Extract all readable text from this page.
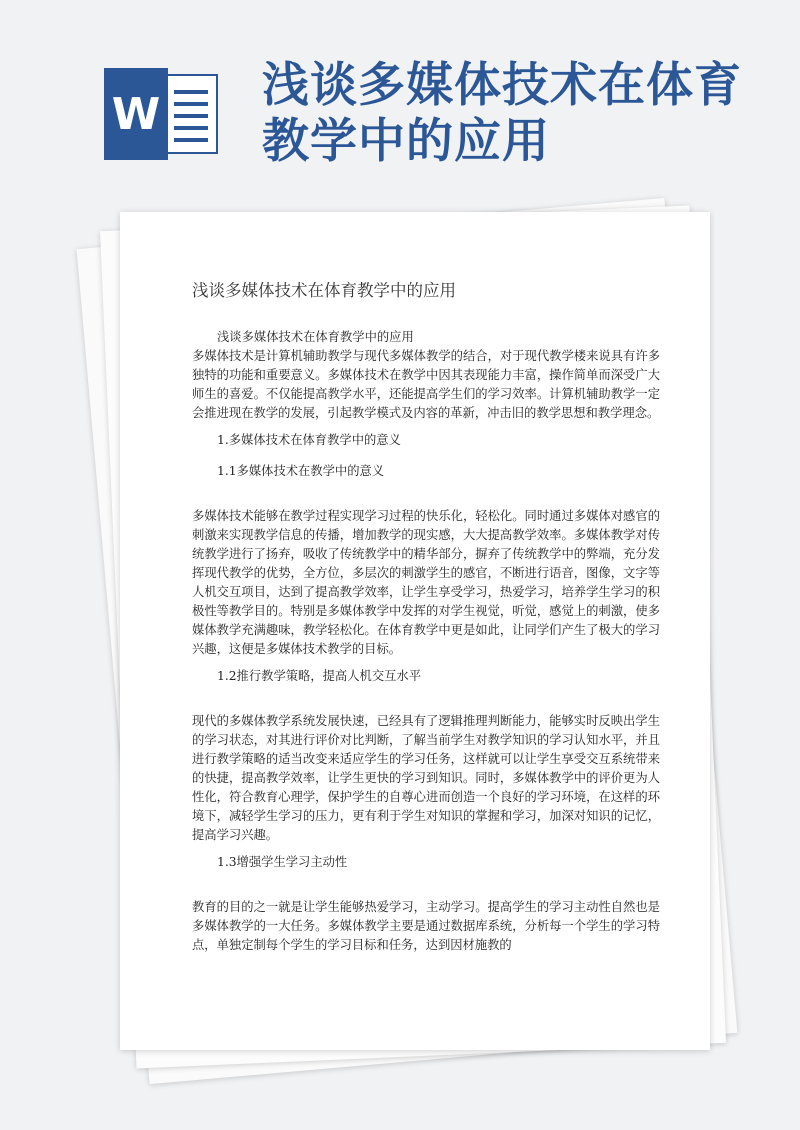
W
浅谈多媒体技术在体育教学中的应用
浅谈多媒体技术在体育教学中的应用

浅谈多媒体技术在体育教学中的应用

多媒体技术是计算机辅助教学与现代多媒体教学的结合，对于现代教学楼来说具有许多独特的功能和重要意义。多媒体技术在教学中因其表现能力丰富，操作简单而深受广大师生的喜爱。不仅能提高教学水平，还能提高学生们的学习效率。计算机辅助教学一定会推进现在教学的发展，引起教学模式及内容的革新，冲击旧的教学思想和教学理念。

1.多媒体技术在体育教学中的意义

1.1多媒体技术在教学中的意义

多媒体技术能够在教学过程实现学习过程的快乐化，轻松化。同时通过多媒体对感官的刺激来实现教学信息的传播，增加教学的现实感，大大提高教学效率。多媒体教学对传统教学进行了扬弃，吸收了传统教学中的精华部分，摒弃了传统教学中的弊端，充分发挥现代教学的优势，全方位，多层次的刺激学生的感官，不断进行语音，图像，文字等人机交互项目，达到了提高教学效率，让学生享受学习，热爱学习，培养学生学习的积极性等教学目的。特别是多媒体教学中发挥的对学生视觉，听觉，感觉上的刺激，使多媒体教学充满趣味，教学轻松化。在体育教学中更是如此，让同学们产生了极大的学习兴趣，这便是多媒体技术教学的目标。

1.2推行教学策略，提高人机交互水平

现代的多媒体教学系统发展快速，已经具有了逻辑推理判断能力，能够实时反映出学生的学习状态，对其进行评价对比判断，了解当前学生对教学知识的学习认知水平，并且进行教学策略的适当改变来适应学生的学习任务，这样就可以让学生享受交互系统带来的快捷，提高教学效率，让学生更快的学习到知识。同时，多媒体教学中的评价更为人性化，符合教育心理学，保护学生的自尊心进而创造一个良好的学习环境，在这样的环境下，减轻学生学习的压力，更有利于学生对知识的掌握和学习，加深对知识的记忆，提高学习兴趣。

1.3增强学生学习主动性

教育的目的之一就是让学生能够热爱学习，主动学习。提高学生的学习主动性自然也是多媒体教学的一大任务。多媒体教学主要是通过数据库系统，分析每一个学生的学习特点，单独定制每个学生的学习目标和任务，达到因材施教的
